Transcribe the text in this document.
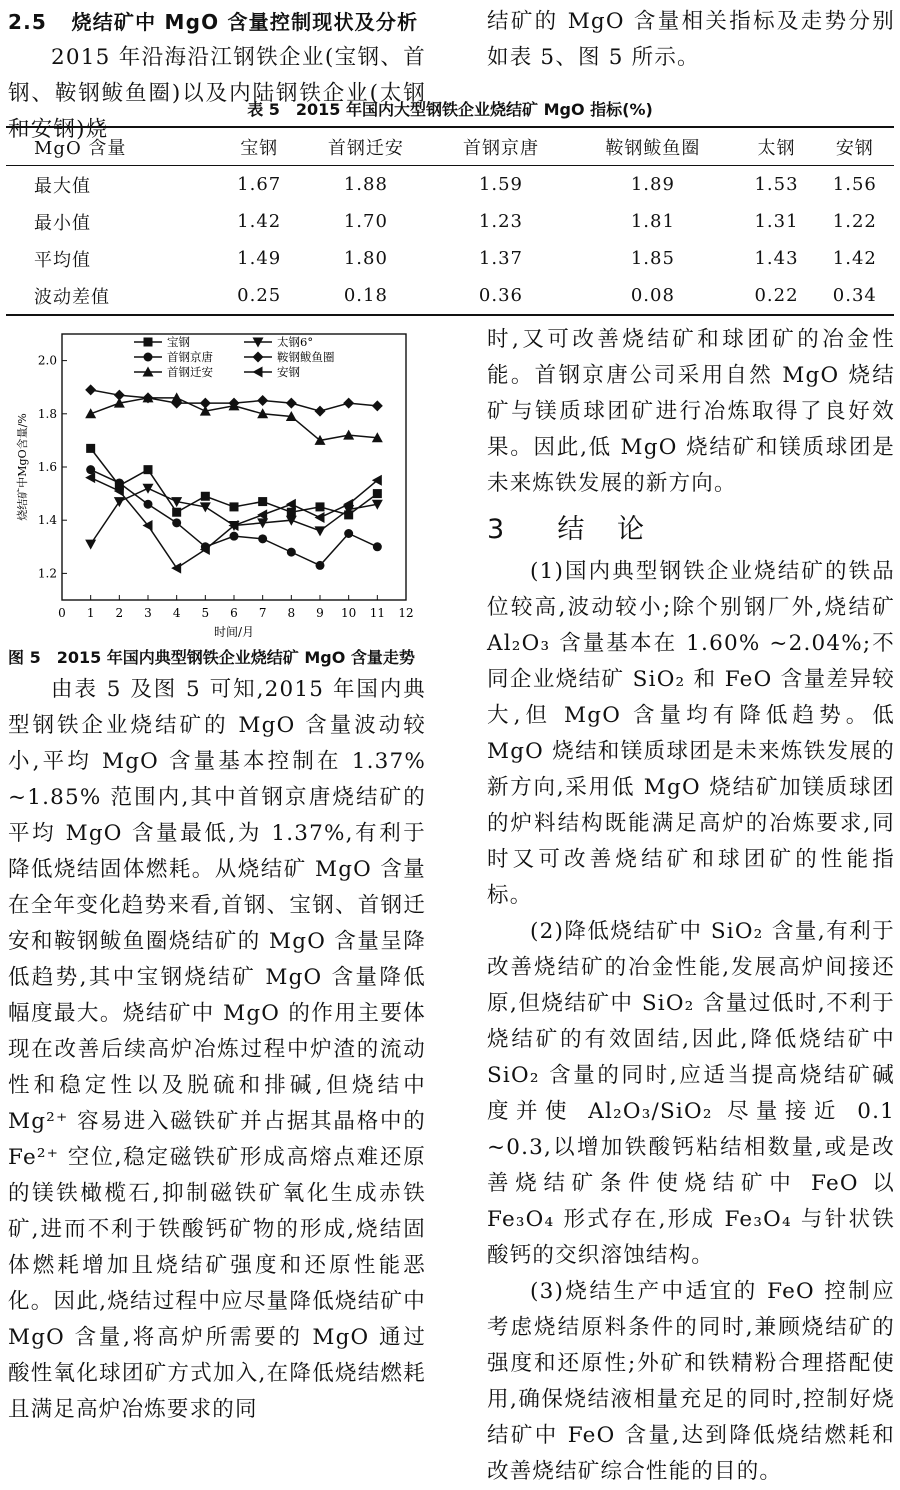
2.5 烧结矿中 MgO 含量控制现状及分析

2015 年沿海沿江钢铁企业(宝钢、首钢、鞍钢鲅鱼圈)以及内陆钢铁企业(太钢和安钢)烧

结矿的 MgO 含量相关指标及走势分别如表 5、图 5 所示。

表 5　2015 年国内大型钢铁企业烧结矿 MgO 指标(%)
MgO 含量	宝钢	首钢迁安	首钢京唐	鞍钢鲅鱼圈	太钢	安钢
最大值	1.67	1.88	1.59	1.89	1.53	1.56
最小值	1.42	1.70	1.23	1.81	1.31	1.22
平均值	1.49	1.80	1.37	1.85	1.43	1.42
波动差值	0.25	0.18	0.36	0.08	0.22	0.34
0 1 2 3 4 5 6 7 8 9 10 11 12
1.2
1.4
1.6
1.8
2.0
时间/月
烧结矿中MgO含量/%
宝钢
首钢京唐
首钢迁安
太钢6°
鞍钢鲅鱼圈
安钢
图 5　2015 年国内典型钢铁企业烧结矿 MgO 含量走势

由表 5 及图 5 可知,2015 年国内典型钢铁企业烧结矿的 MgO 含量波动较小,平均 MgO 含量基本控制在 1.37% ~1.85% 范围内,其中首钢京唐烧结矿的平均 MgO 含量最低,为 1.37%,有利于降低烧结固体燃耗。从烧结矿 MgO 含量在全年变化趋势来看,首钢、宝钢、首钢迁安和鞍钢鲅鱼圈烧结矿的 MgO 含量呈降低趋势,其中宝钢烧结矿 MgO 含量降低幅度最大。烧结矿中 MgO 的作用主要体现在改善后续高炉冶炼过程中炉渣的流动性和稳定性以及脱硫和排碱,但烧结中 Mg²⁺ 容易进入磁铁矿并占据其晶格中的 Fe²⁺ 空位,稳定磁铁矿形成高熔点难还原的镁铁橄榄石,抑制磁铁矿氧化生成赤铁矿,进而不利于铁酸钙矿物的形成,烧结固体燃耗增加且烧结矿强度和还原性能恶化。因此,烧结过程中应尽量降低烧结矿中 MgO 含量,将高炉所需要的 MgO 通过酸性氧化球团矿方式加入,在降低烧结燃耗且满足高炉冶炼要求的同

时,又可改善烧结矿和球团矿的冶金性能。首钢京唐公司采用自然 MgO 烧结矿与镁质球团矿进行冶炼取得了良好效果。因此,低 MgO 烧结矿和镁质球团是未来炼铁发展的新方向。

3 结 论

(1)国内典型钢铁企业烧结矿的铁品位较高,波动较小;除个别钢厂外,烧结矿 Al₂O₃ 含量基本在 1.60% ~2.04%;不同企业烧结矿 SiO₂ 和 FeO 含量差异较大,但 MgO 含量均有降低趋势。低 MgO 烧结和镁质球团是未来炼铁发展的新方向,采用低 MgO 烧结矿加镁质球团的炉料结构既能满足高炉的冶炼要求,同时又可改善烧结矿和球团矿的性能指标。

(2)降低烧结矿中 SiO₂ 含量,有利于改善烧结矿的冶金性能,发展高炉间接还原,但烧结矿中 SiO₂ 含量过低时,不利于烧结矿的有效固结,因此,降低烧结矿中 SiO₂ 含量的同时,应适当提高烧结矿碱度并使 Al₂O₃/SiO₂ 尽量接近 0.1 ~0.3,以增加铁酸钙粘结相数量,或是改善烧结矿条件使烧结矿中 FeO 以 Fe₃O₄ 形式存在,形成 Fe₃O₄ 与针状铁酸钙的交织溶蚀结构。

(3)烧结生产中适宜的 FeO 控制应考虑烧结原料条件的同时,兼顾烧结矿的强度和还原性;外矿和铁精粉合理搭配使用,确保烧结液相量充足的同时,控制好烧结矿中 FeO 含量,达到降低烧结燃耗和改善烧结矿综合性能的目的。
